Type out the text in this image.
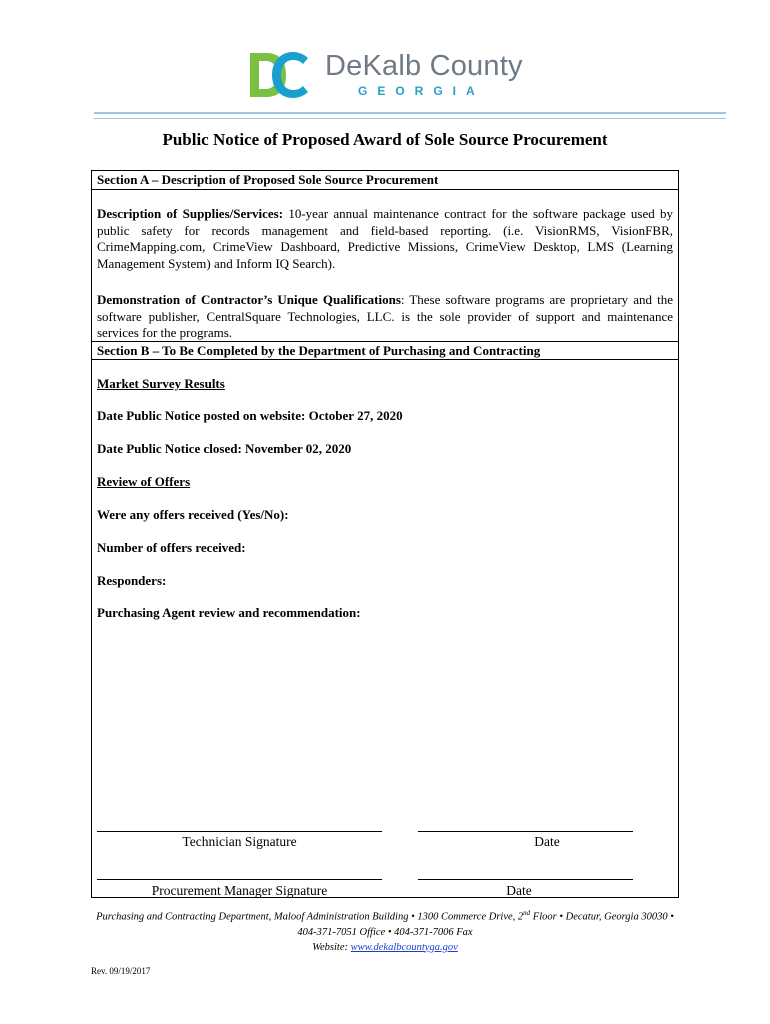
DeKalb County
GEORGIA
Public Notice of Proposed Award of Sole Source Procurement
Section A – Description of Proposed Sole Source Procurement
Description of Supplies/Services: 10-year annual maintenance contract for the software package used by public safety for records management and field-based reporting. (i.e. VisionRMS, VisionFBR, CrimeMapping.com, CrimeView Dashboard, Predictive Missions, CrimeView Desktop, LMS (Learning Management System) and Inform IQ Search).
Demonstration of Contractor’s Unique Qualifications: These software programs are proprietary and the software publisher, CentralSquare Technologies, LLC. is the sole provider of support and maintenance services for the programs.
Section B – To Be Completed by the Department of Purchasing and Contracting
Market Survey Results
Date Public Notice posted on website: October 27, 2020
Date Public Notice closed: November 02, 2020
Review of Offers
Were any offers received (Yes/No):
Number of offers received:
Responders:
Purchasing Agent review and recommendation:
Technician Signature	Date
Procurement Manager Signature	Date
Purchasing and Contracting Department, Maloof Administration Building • 1300 Commerce Drive, 2nd Floor • Decatur, Georgia 30030 •
404-371-7051 Office • 404-371-7006 Fax
Website: www.dekalbcountyga.gov
Rev. 09/19/2017
